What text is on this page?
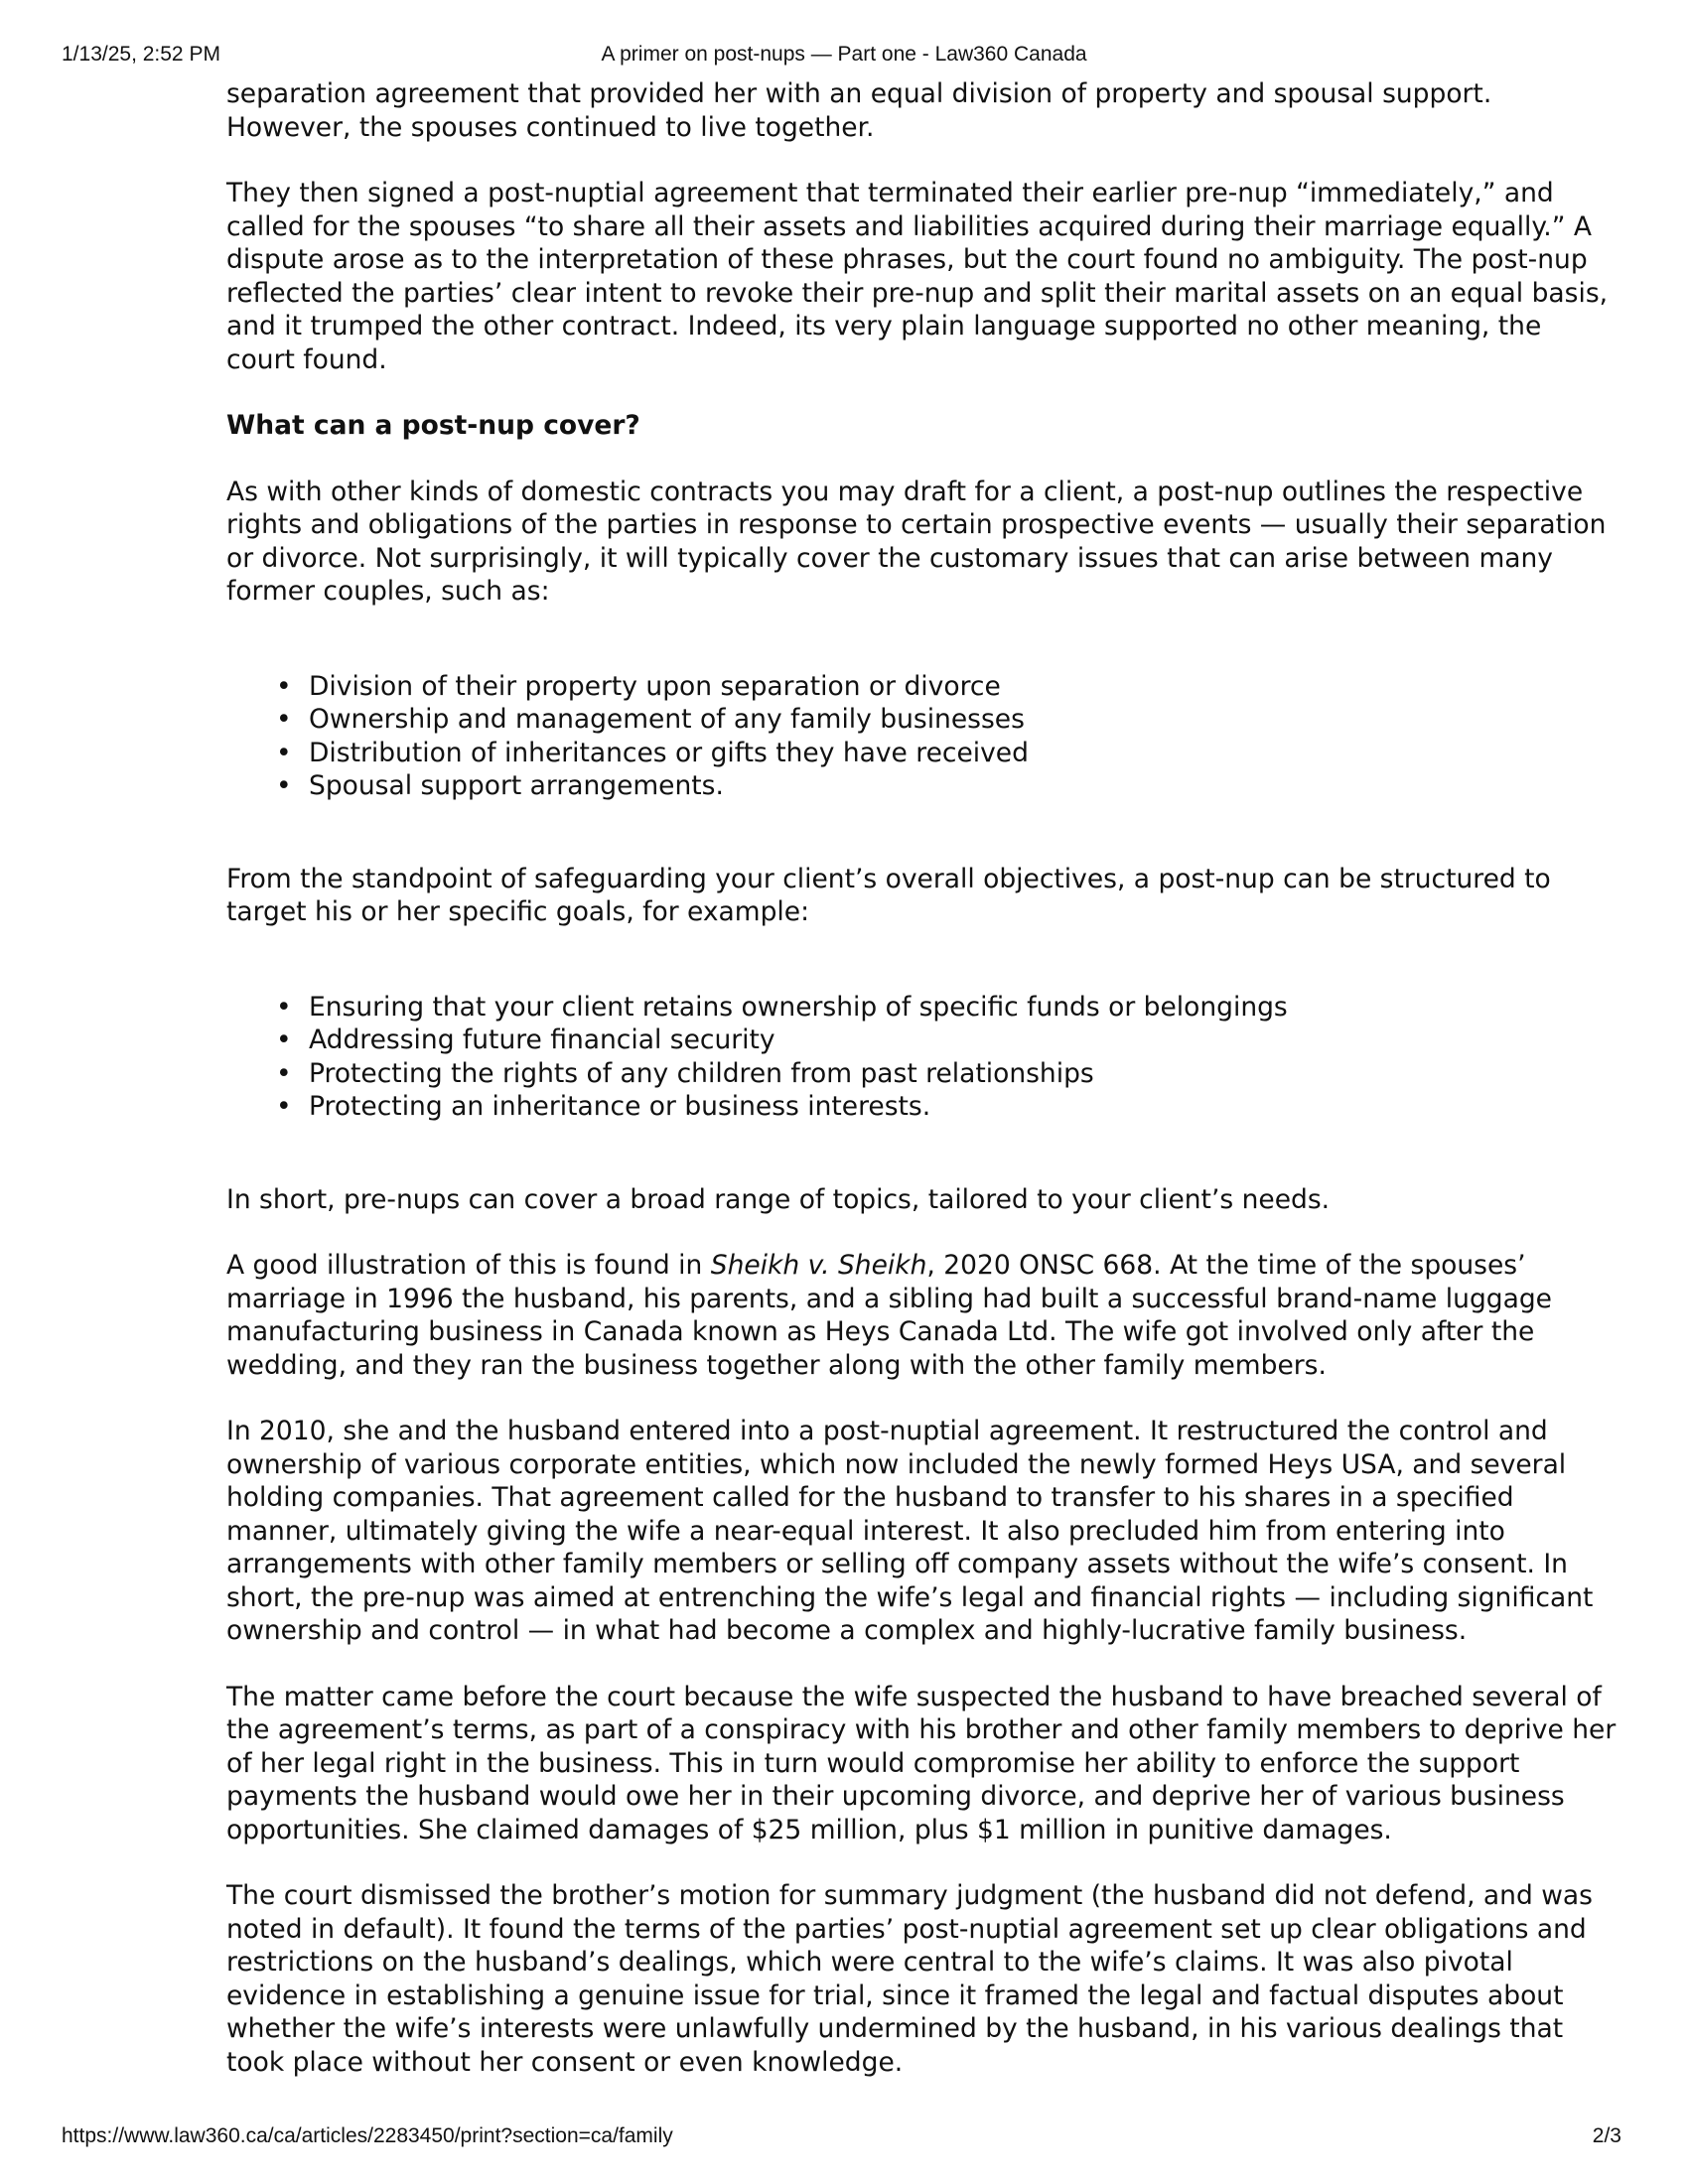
1/13/25, 2:52 PM	A primer on post-nups — Part one - Law360 Canada

separation agreement that provided her with an equal division of property and spousal support. However, the spouses continued to live together.

They then signed a post-nuptial agreement that terminated their earlier pre-nup “immediately,” and called for the spouses “to share all their assets and liabilities acquired during their marriage equally.” A dispute arose as to the interpretation of these phrases, but the court found no ambiguity. The post-nup reflected the parties’ clear intent to revoke their pre-nup and split their marital assets on an equal basis, and it trumped the other contract. Indeed, its very plain language supported no other meaning, the court found.

What can a post-nup cover?

As with other kinds of domestic contracts you may draft for a client, a post-nup outlines the respective rights and obligations of the parties in response to certain prospective events — usually their separation or divorce. Not surprisingly, it will typically cover the customary issues that can arise between many former couples, such as:

• Division of their property upon separation or divorce
• Ownership and management of any family businesses
• Distribution of inheritances or gifts they have received
• Spousal support arrangements.

From the standpoint of safeguarding your client’s overall objectives, a post-nup can be structured to target his or her specific goals, for example:

• Ensuring that your client retains ownership of specific funds or belongings
• Addressing future financial security
• Protecting the rights of any children from past relationships
• Protecting an inheritance or business interests.

In short, pre-nups can cover a broad range of topics, tailored to your client’s needs.

A good illustration of this is found in Sheikh v. Sheikh, 2020 ONSC 668. At the time of the spouses’ marriage in 1996 the husband, his parents, and a sibling had built a successful brand-name luggage manufacturing business in Canada known as Heys Canada Ltd. The wife got involved only after the wedding, and they ran the business together along with the other family members.

In 2010, she and the husband entered into a post-nuptial agreement. It restructured the control and ownership of various corporate entities, which now included the newly formed Heys USA, and several holding companies. That agreement called for the husband to transfer to his shares in a specified manner, ultimately giving the wife a near-equal interest. It also precluded him from entering into arrangements with other family members or selling off company assets without the wife’s consent. In short, the pre-nup was aimed at entrenching the wife’s legal and financial rights — including significant ownership and control — in what had become a complex and highly-lucrative family business.

The matter came before the court because the wife suspected the husband to have breached several of the agreement’s terms, as part of a conspiracy with his brother and other family members to deprive her of her legal right in the business. This in turn would compromise her ability to enforce the support payments the husband would owe her in their upcoming divorce, and deprive her of various business opportunities. She claimed damages of $25 million, plus $1 million in punitive damages.

The court dismissed the brother’s motion for summary judgment (the husband did not defend, and was noted in default). It found the terms of the parties’ post-nuptial agreement set up clear obligations and restrictions on the husband’s dealings, which were central to the wife’s claims. It was also pivotal evidence in establishing a genuine issue for trial, since it framed the legal and factual disputes about whether the wife’s interests were unlawfully undermined by the husband, in his various dealings that took place without her consent or even knowledge.

https://www.law360.ca/ca/articles/2283450/print?section=ca/family	2/3
